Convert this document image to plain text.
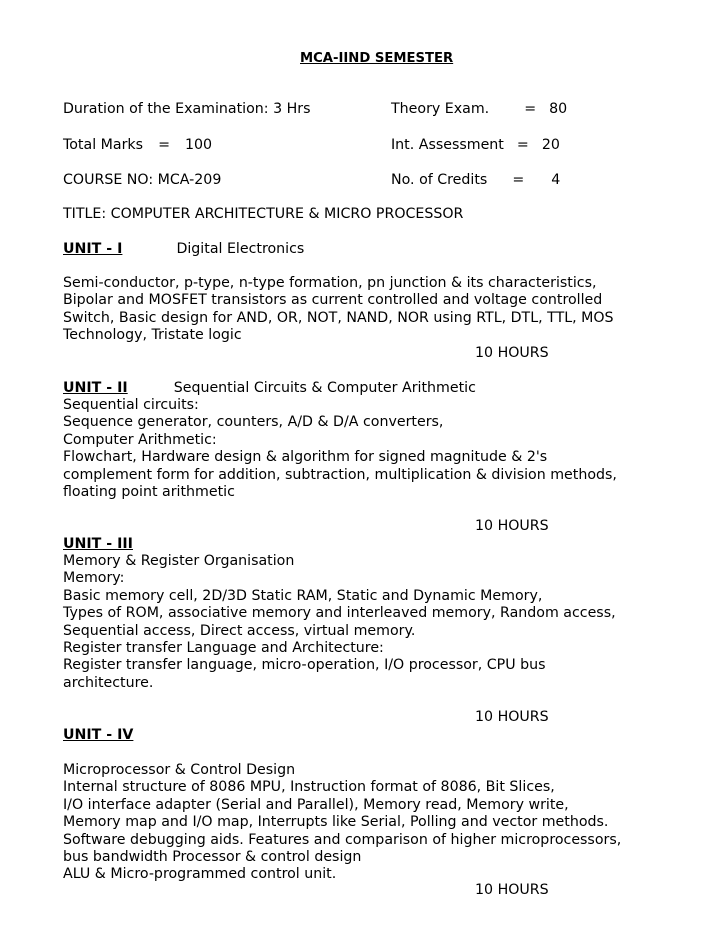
MCA-IIND SEMESTER
Duration of the Examination: 3 Hrs	Theory Exam. = 80
Total Marks = 100	Int. Assessment = 20
COURSE NO: MCA-209	No. of Credits = 4
TITLE: COMPUTER ARCHITECTURE & MICRO PROCESSOR
UNIT - I	Digital Electronics
Semi-conductor, p-type, n-type formation, pn junction & its characteristics,
Bipolar and MOSFET transistors as current controlled and voltage controlled
Switch, Basic design for AND, OR, NOT, NAND, NOR using RTL, DTL, TTL, MOS
Technology, Tristate logic
10 HOURS
UNIT - II	Sequential Circuits & Computer Arithmetic
Sequential circuits:
Sequence generator, counters, A/D & D/A converters,
Computer Arithmetic:
Flowchart, Hardware design & algorithm for signed magnitude & 2's
complement form for addition, subtraction, multiplication & division methods,
floating point arithmetic
10 HOURS
UNIT - III
Memory & Register Organisation
Memory:
Basic memory cell, 2D/3D Static RAM, Static and Dynamic Memory,
Types of ROM, associative memory and interleaved memory, Random access,
Sequential access, Direct access, virtual memory.
Register transfer Language and Architecture:
Register transfer language, micro-operation, I/O processor, CPU bus
architecture.
10 HOURS
UNIT - IV
Microprocessor & Control Design
Internal structure of 8086 MPU, Instruction format of 8086, Bit Slices,
I/O interface adapter (Serial and Parallel), Memory read, Memory write,
Memory map and I/O map, Interrupts like Serial, Polling and vector methods.
Software debugging aids. Features and comparison of higher microprocessors,
bus bandwidth Processor & control design
ALU & Micro-programmed control unit.
10 HOURS
